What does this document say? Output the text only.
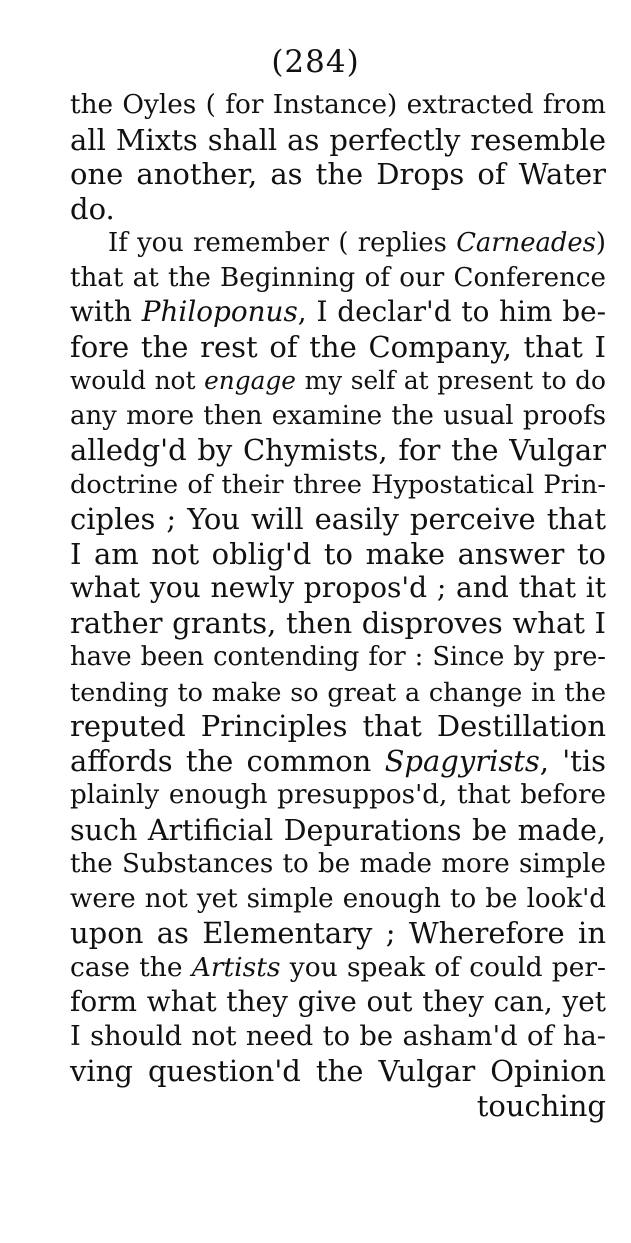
(284)
the Oyles ( for Instance) extracted from
all Mixts shall as perfectly resemble
one another, as the Drops of Water
do.
If you remember ( replies Carneades)
that at the Beginning of our Conference
with Philoponus, I declar'd to him be-
fore the rest of the Company, that I
would not engage my self at present to do
any more then examine the usual proofs
alledg'd by Chymists, for the Vulgar
doctrine of their three Hypostatical Prin-
ciples ; You will easily perceive that
I am not oblig'd to make answer to
what you newly propos'd ; and that it
rather grants, then disproves what I
have been contending for : Since by pre-
tending to make so great a change in the
reputed Principles that Destillation
affords the common Spagyrists, 'tis
plainly enough presuppos'd, that before
such Artificial Depurations be made,
the Substances to be made more simple
were not yet simple enough to be look'd
upon as Elementary ; Wherefore in
case the Artists you speak of could per-
form what they give out they can, yet
I should not need to be asham'd of ha-
ving question'd the Vulgar Opinion
touching
